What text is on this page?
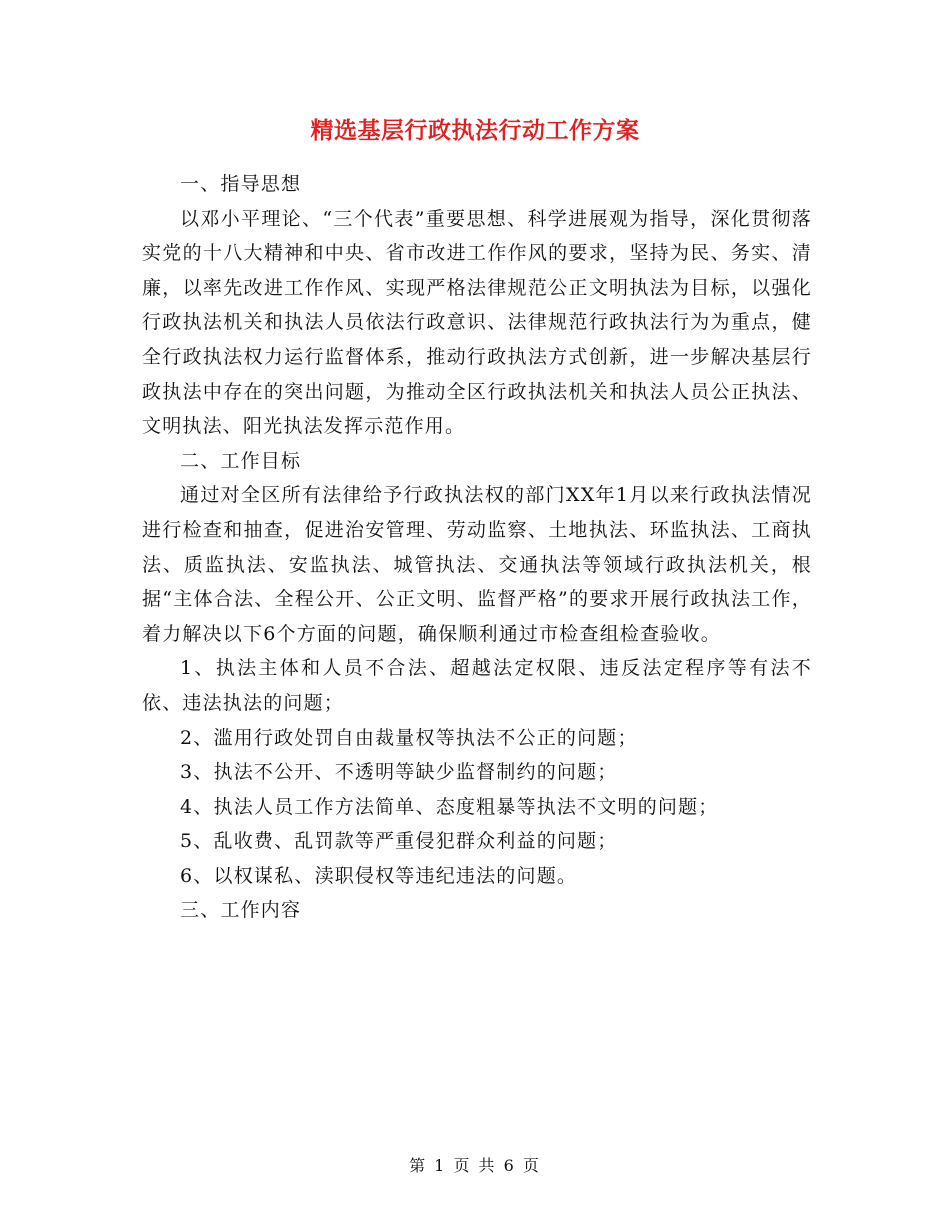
精选基层行政执法行动工作方案

一、指导思想

以邓小平理论、“三个代表”重要思想、科学进展观为指导，深化贯彻落实党的十八大精神和中央、省市改进工作作风的要求，坚持为民、务实、清廉，以率先改进工作作风、实现严格法律规范公正文明执法为目标，以强化行政执法机关和执法人员依法行政意识、法律规范行政执法行为为重点，健全行政执法权力运行监督体系，推动行政执法方式创新，进一步解决基层行政执法中存在的突出问题，为推动全区行政执法机关和执法人员公正执法、文明执法、阳光执法发挥示范作用。

二、工作目标

通过对全区所有法律给予行政执法权的部门XX年1月以来行政执法情况进行检查和抽查，促进治安管理、劳动监察、土地执法、环监执法、工商执法、质监执法、安监执法、城管执法、交通执法等领域行政执法机关，根据“主体合法、全程公开、公正文明、监督严格”的要求开展行政执法工作，着力解决以下6个方面的问题，确保顺利通过市检查组检查验收。

1、执法主体和人员不合法、超越法定权限、违反法定程序等有法不依、违法执法的问题；

2、滥用行政处罚自由裁量权等执法不公正的问题；

3、执法不公开、不透明等缺少监督制约的问题；

4、执法人员工作方法简单、态度粗暴等执法不文明的问题；

5、乱收费、乱罚款等严重侵犯群众利益的问题；

6、以权谋私、渎职侵权等违纪违法的问题。

三、工作内容

第 1 页 共 6 页
